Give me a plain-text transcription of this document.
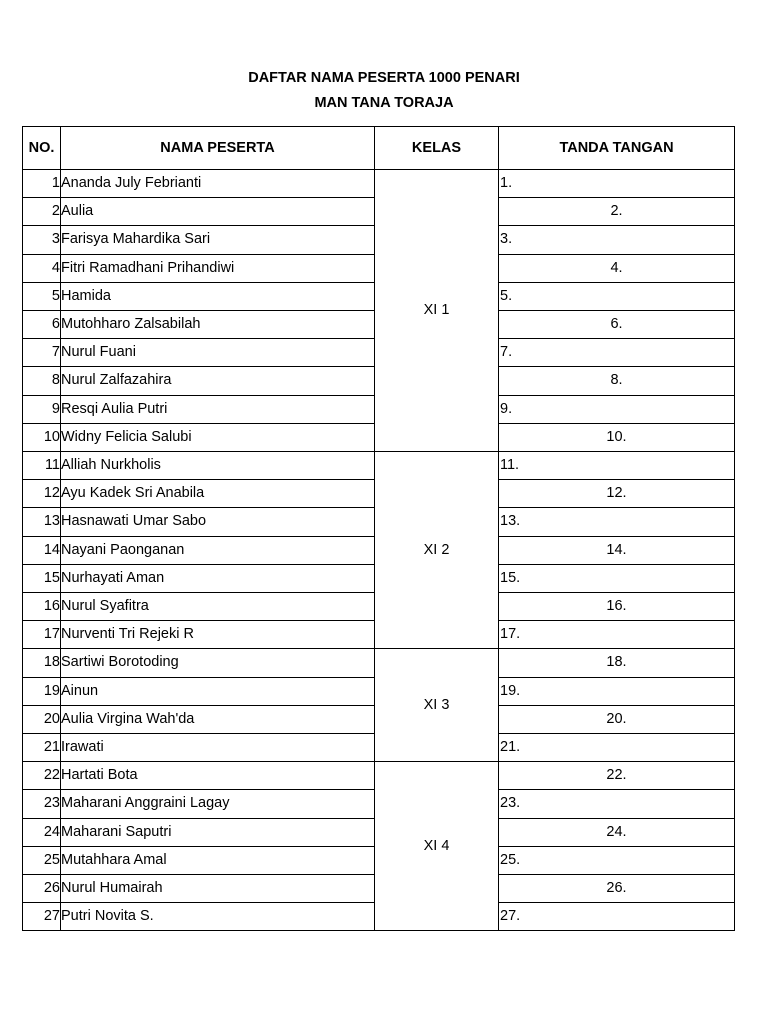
DAFTAR NAMA PESERTA 1000 PENARI
MAN TANA TORAJA
NO.	NAMA PESERTA	KELAS	TANDA TANGAN
1	Ananda July Febrianti	XI 1	1.
2	Aulia		2.
3	Farisya Mahardika Sari		3.
4	Fitri Ramadhani Prihandiwi		4.
5	Hamida		5.
6	Mutohharo Zalsabilah		6.
7	Nurul Fuani		7.
8	Nurul Zalfazahira		8.
9	Resqi Aulia Putri		9.
10	Widny Felicia Salubi		10.
11	Alliah Nurkholis	XI 2	11.
12	Ayu Kadek Sri Anabila		12.
13	Hasnawati Umar Sabo		13.
14	Nayani Paonganan		14.
15	Nurhayati Aman		15.
16	Nurul Syafitra		16.
17	Nurventi Tri Rejeki R		17.
18	Sartiwi Borotoding	XI 3	18.
19	Ainun		19.
20	Aulia Virgina Wah'da		20.
21	Irawati		21.
22	Hartati Bota	XI 4	22.
23	Maharani Anggraini Lagay		23.
24	Maharani Saputri		24.
25	Mutahhara Amal		25.
26	Nurul Humairah		26.
27	Putri Novita S.		27.
